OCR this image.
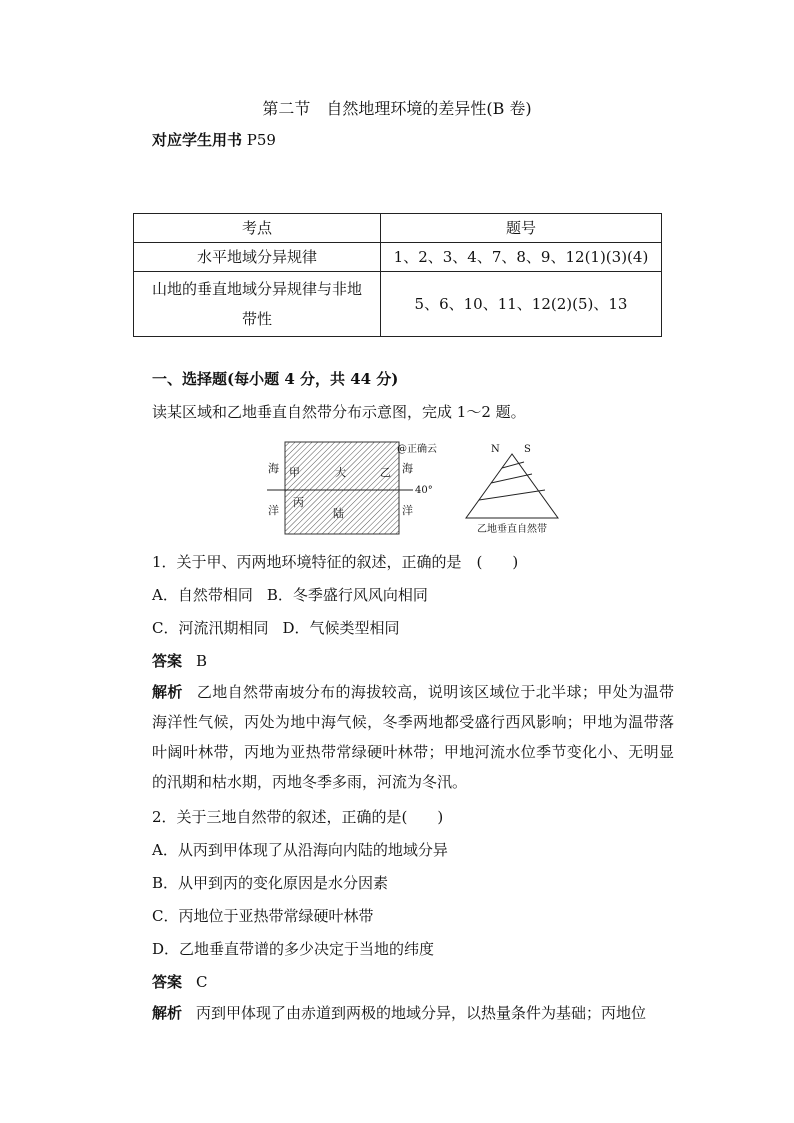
第二节　自然地理环境的差异性(B 卷)
对应学生用书 P59
考点	题号
水平地域分异规律	1、2、3、4、7、8、9、12(1)(3)(4)

山地的垂直地域分异规律与非地
带性	5、6、10、11、12(2)(5)、13
一、选择题(每小题 4 分，共 44 分)
读某区域和乙地垂直自然带分布示意图，完成 1～2 题。
海
洋
海
洋
@正确云
40°
甲	大	乙
丙
陆
N S
乙地垂直自然带
1．关于甲、丙两地环境特征的叙述，正确的是　(　　)
A．自然带相同 B．冬季盛行风风向相同
C．河流汛期相同 D．气候类型相同
答案 B
解析 乙地自然带南坡分布的海拔较高，说明该区域位于北半球；甲处为温带海洋性气候，丙处为地中海气候，冬季两地都受盛行西风影响；甲地为温带落叶阔叶林带，丙地为亚热带常绿硬叶林带；甲地河流水位季节变化小、无明显的汛期和枯水期，丙地冬季多雨，河流为冬汛。
2．关于三地自然带的叙述，正确的是(　　)
A．从丙到甲体现了从沿海向内陆的地域分异
B．从甲到丙的变化原因是水分因素
C．丙地位于亚热带常绿硬叶林带
D．乙地垂直带谱的多少决定于当地的纬度
答案 C
解析 丙到甲体现了由赤道到两极的地域分异，以热量条件为基础；丙地位
